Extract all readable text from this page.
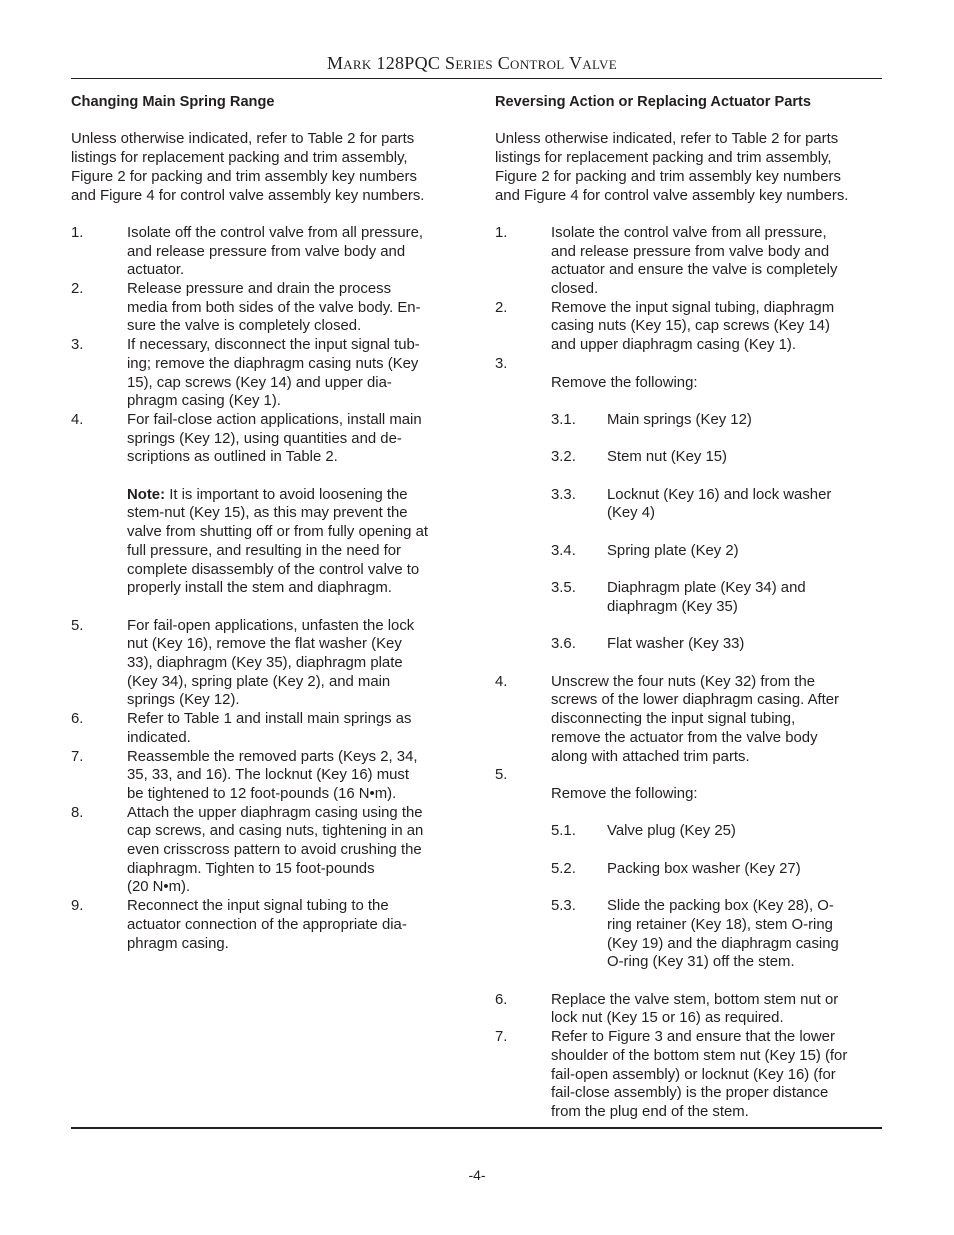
Mark 128PQC Series Control Valve
Changing Main Spring Range
Unless otherwise indicated, refer to Table 2 for parts
listings for replacement packing and trim assembly,
Figure 2 for packing and trim assembly key numbers
and Figure 4 for control valve assembly key numbers.
1.	Isolate off the control valve from all pressure,
and release pressure from valve body and
actuator.
2.	Release pressure and drain the process
media from both sides of the valve body. En-
sure the valve is completely closed.
3.	If necessary, disconnect the input signal tub-
ing; remove the diaphragm casing nuts (Key
15), cap screws (Key 14) and upper dia-
phragm casing (Key 1).
4.	For fail-close action applications, install main
springs (Key 12), using quantities and de-
scriptions as outlined in Table 2.
Note: It is important to avoid loosening the
stem-nut (Key 15), as this may prevent the
valve from shutting off or from fully opening at
full pressure, and resulting in the need for
complete disassembly of the control valve to
properly install the stem and diaphragm.
5.	For fail-open applications, unfasten the lock
nut (Key 16), remove the flat washer (Key
33), diaphragm (Key 35), diaphragm plate
(Key 34), spring plate (Key 2), and main
springs (Key 12).
6.	Refer to Table 1 and install main springs as
indicated.
7.	Reassemble the removed parts (Keys 2, 34,
35, 33, and 16). The locknut (Key 16) must
be tightened to 12 foot-pounds (16 N•m).
8.	Attach the upper diaphragm casing using the
cap screws, and casing nuts, tightening in an
even crisscross pattern to avoid crushing the
diaphragm. Tighten to 15 foot-pounds
(20 N•m).
9.	Reconnect the input signal tubing to the
actuator connection of the appropriate dia-
phragm casing.
Reversing Action or Replacing Actuator Parts
Unless otherwise indicated, refer to Table 2 for parts
listings for replacement packing and trim assembly,
Figure 2 for packing and trim assembly key numbers
and Figure 4 for control valve assembly key numbers.
1.	Isolate the control valve from all pressure,
and release pressure from valve body and
actuator and ensure the valve is completely
closed.
2.	Remove the input signal tubing, diaphragm
casing nuts (Key 15), cap screws (Key 14)
and upper diaphragm casing (Key 1).
3.

Remove the following:

3.1.	Main springs (Key 12)

3.2.	Stem nut (Key 15)

3.3.	Locknut (Key 16) and lock washer
(Key 4)

3.4.	Spring plate (Key 2)

3.5.	Diaphragm plate (Key 34) and
diaphragm (Key 35)

3.6.	Flat washer (Key 33)

4.	Unscrew the four nuts (Key 32) from the
screws of the lower diaphragm casing. After
disconnecting the input signal tubing,
remove the actuator from the valve body
along with attached trim parts.
5.

Remove the following:

5.1.	Valve plug (Key 25)

5.2.	Packing box washer (Key 27)

5.3.	Slide the packing box (Key 28), O-
ring retainer (Key 18), stem O-ring
(Key 19) and the diaphragm casing
O-ring (Key 31) off the stem.

6.	Replace the valve stem, bottom stem nut or
lock nut (Key 15 or 16) as required.
7.	Refer to Figure 3 and ensure that the lower
shoulder of the bottom stem nut (Key 15) (for
fail-open assembly) or locknut (Key 16) (for
fail-close assembly) is the proper distance
from the plug end of the stem.
-4-
